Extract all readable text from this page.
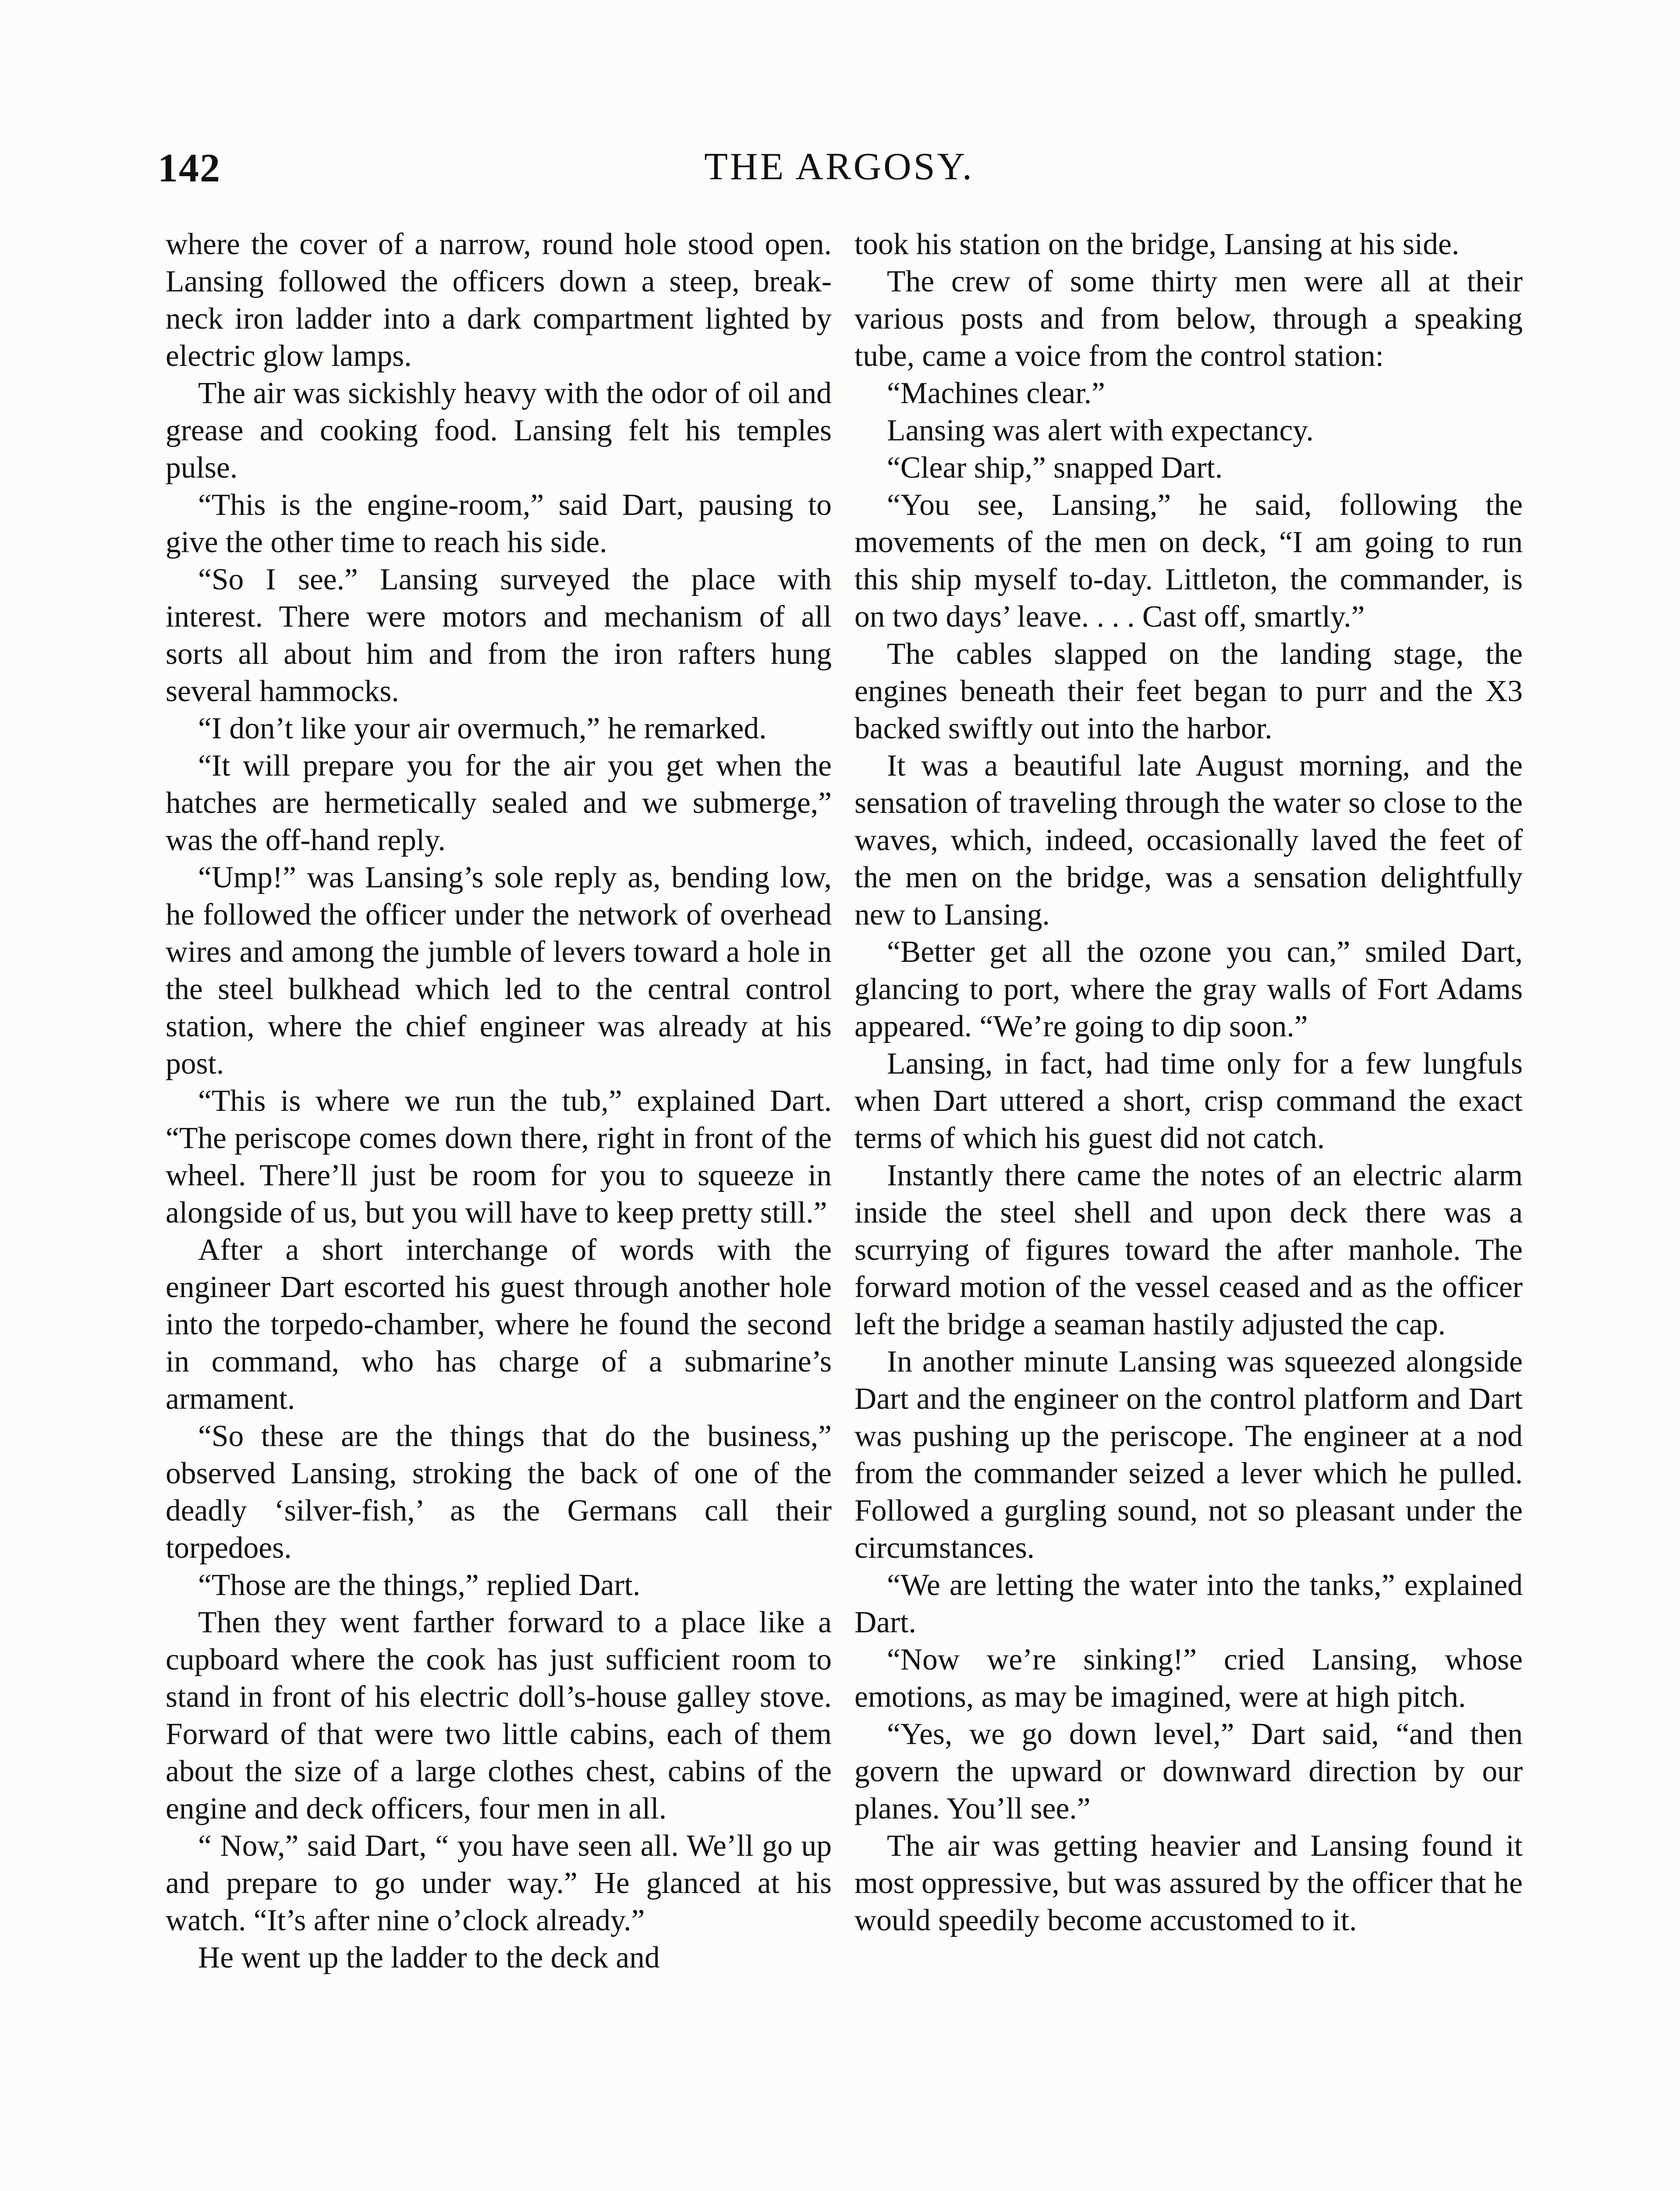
142	THE ARGOSY.

where the cover of a narrow, round hole stood open. Lansing followed the officers down a steep, break-neck iron ladder into a dark compartment lighted by electric glow lamps.

The air was sickishly heavy with the odor of oil and grease and cooking food. Lansing felt his temples pulse.

“This is the engine-room,” said Dart, pausing to give the other time to reach his side.

“So I see.” Lansing surveyed the place with interest. There were motors and mechanism of all sorts all about him and from the iron rafters hung several hammocks.

“I don’t like your air overmuch,” he remarked.

“It will prepare you for the air you get when the hatches are hermetically sealed and we submerge,” was the off-hand reply.

“Ump!” was Lansing’s sole reply as, bending low, he followed the officer under the network of overhead wires and among the jumble of levers toward a hole in the steel bulkhead which led to the central control station, where the chief engineer was already at his post.

“This is where we run the tub,” explained Dart. “The periscope comes down there, right in front of the wheel. There’ll just be room for you to squeeze in alongside of us, but you will have to keep pretty still.”

After a short interchange of words with the engineer Dart escorted his guest through another hole into the torpedo-chamber, where he found the second in command, who has charge of a submarine’s armament.

“So these are the things that do the business,” observed Lansing, stroking the back of one of the deadly ‘silver-fish,’ as the Germans call their torpedoes.

“Those are the things,” replied Dart.

Then they went farther forward to a place like a cupboard where the cook has just sufficient room to stand in front of his electric doll’s-house galley stove. Forward of that were two little cabins, each of them about the size of a large clothes chest, cabins of the engine and deck officers, four men in all.

“ Now,” said Dart, “ you have seen all. We’ll go up and prepare to go under way.” He glanced at his watch. “It’s after nine o’clock already.”

He went up the ladder to the deck and

took his station on the bridge, Lansing at his side.

The crew of some thirty men were all at their various posts and from below, through a speaking tube, came a voice from the control station:

“Machines clear.”

Lansing was alert with expectancy.

“Clear ship,” snapped Dart.

“You see, Lansing,” he said, following the movements of the men on deck, “I am going to run this ship myself to-day. Littleton, the commander, is on two days’ leave. . . . Cast off, smartly.”

The cables slapped on the landing stage, the engines beneath their feet began to purr and the X3 backed swiftly out into the harbor.

It was a beautiful late August morning, and the sensation of traveling through the water so close to the waves, which, indeed, occasionally laved the feet of the men on the bridge, was a sensation delightfully new to Lansing.

“Better get all the ozone you can,” smiled Dart, glancing to port, where the gray walls of Fort Adams appeared. “We’re going to dip soon.”

Lansing, in fact, had time only for a few lungfuls when Dart uttered a short, crisp command the exact terms of which his guest did not catch.

Instantly there came the notes of an electric alarm inside the steel shell and upon deck there was a scurrying of figures toward the after manhole. The forward motion of the vessel ceased and as the officer left the bridge a seaman hastily adjusted the cap.

In another minute Lansing was squeezed alongside Dart and the engineer on the control platform and Dart was pushing up the periscope. The engineer at a nod from the commander seized a lever which he pulled. Followed a gurgling sound, not so pleasant under the circumstances.

“We are letting the water into the tanks,” explained Dart.

“Now we’re sinking!” cried Lansing, whose emotions, as may be imagined, were at high pitch.

“Yes, we go down level,” Dart said, “and then govern the upward or downward direction by our planes. You’ll see.”

The air was getting heavier and Lansing found it most oppressive, but was assured by the officer that he would speedily become accustomed to it.
